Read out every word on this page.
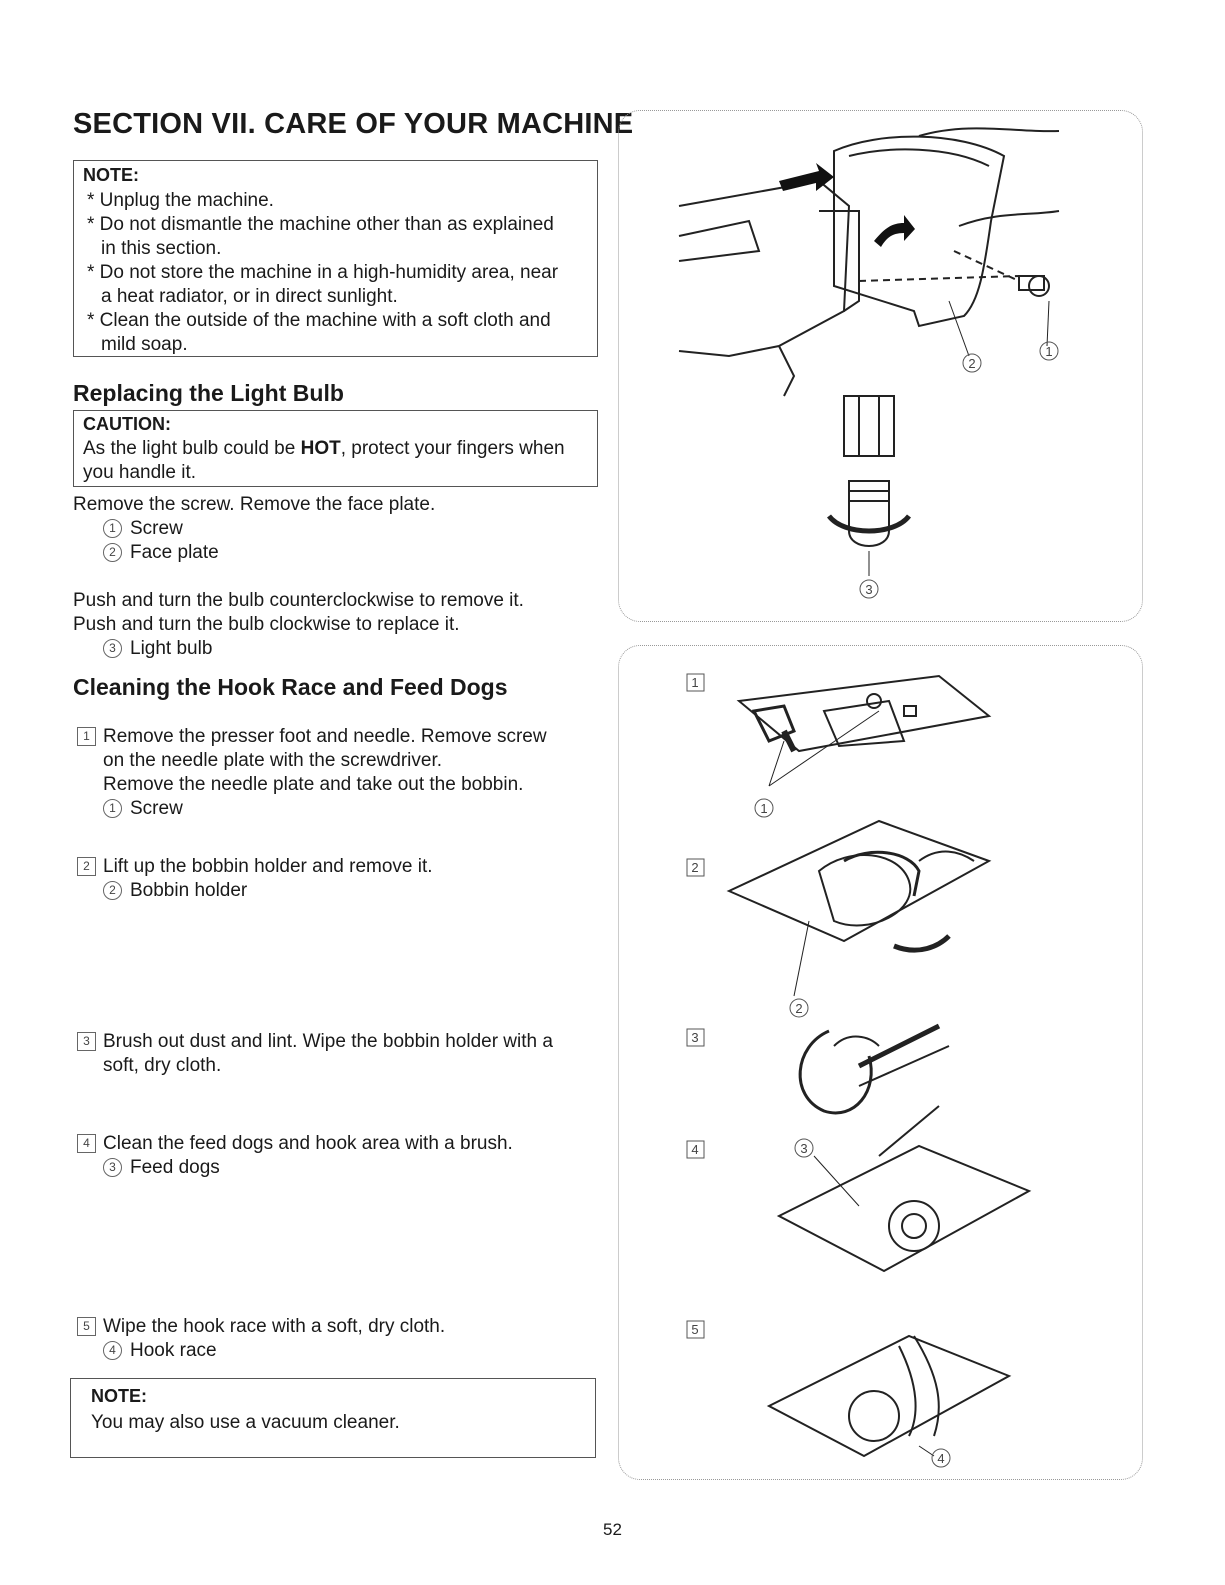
SECTION VII. CARE OF YOUR MACHINE
NOTE:
* Unplug the machine.
* Do not dismantle the machine other than as explained
in this section.
* Do not store the machine in a high-humidity area, near
a heat radiator, or in direct sunlight.
* Clean the outside of the machine with a soft cloth and
mild soap.
Replacing the Light Bulb
CAUTION:
As the light bulb could be HOT, protect your fingers when
you handle it.
Remove the screw. Remove the face plate.
1 Screw
2 Face plate
Push and turn the bulb counterclockwise to remove it.
Push and turn the bulb clockwise to replace it.
3 Light bulb
Cleaning the Hook Race and Feed Dogs
1 Remove the presser foot and needle. Remove screw
on the needle plate with the screwdriver.
Remove the needle plate and take out the bobbin.
1 Screw
2 Lift up the bobbin holder and remove it.
2 Bobbin holder
3 Brush out dust and lint. Wipe the bobbin holder with a
soft, dry cloth.
4 Clean the feed dogs and hook area with a brush.
3 Feed dogs
5 Wipe the hook race with a soft, dry cloth.
4 Hook race
NOTE:
You may also use a vacuum cleaner.
1
2
3
1
2
3
4
5
1
2
3
4
52
